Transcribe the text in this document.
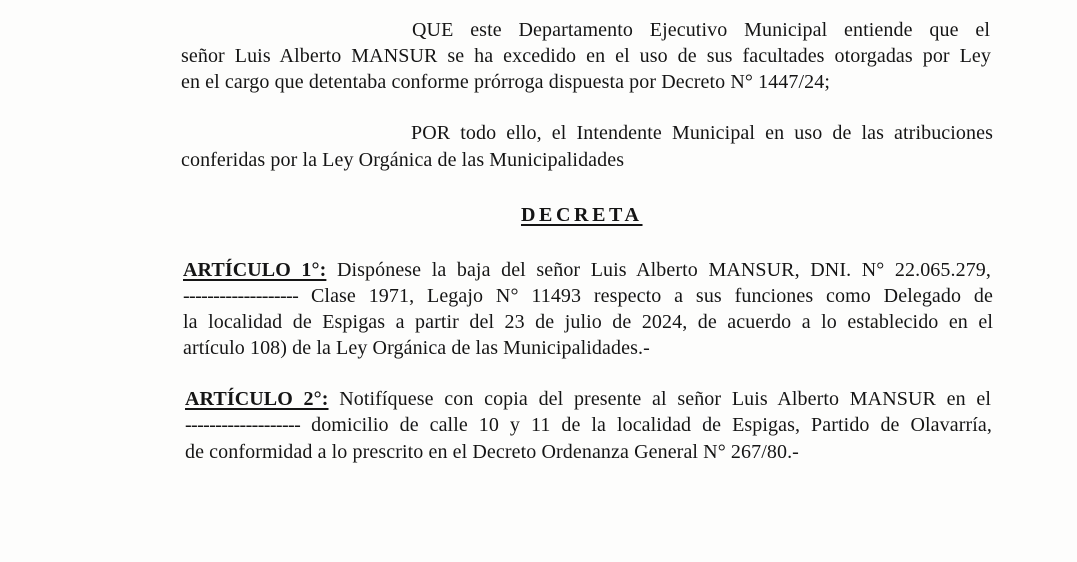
QUE este Departamento Ejecutivo Municipal entiende que el
señor Luis Alberto MANSUR se ha excedido en el uso de sus facultades otorgadas por Ley
en el cargo que detentaba conforme prórroga dispuesta por Decreto N° 1447/24;
POR todo ello, el Intendente Municipal en uso de las atribuciones
conferidas por la Ley Orgánica de las Municipalidades
DECRETA
ARTÍCULO 1°: Dispónese la baja del señor Luis Alberto MANSUR, DNI. N° 22.065.279,
------------------- Clase 1971, Legajo N° 11493 respecto a sus funciones como Delegado de
la localidad de Espigas a partir del 23 de julio de 2024, de acuerdo a lo establecido en el
artículo 108) de la Ley Orgánica de las Municipalidades.-
ARTÍCULO 2°: Notifíquese con copia del presente al señor Luis Alberto MANSUR en el
------------------- domicilio de calle 10 y 11 de la localidad de Espigas, Partido de Olavarría,
de conformidad a lo prescrito en el Decreto Ordenanza General N° 267/80.-
